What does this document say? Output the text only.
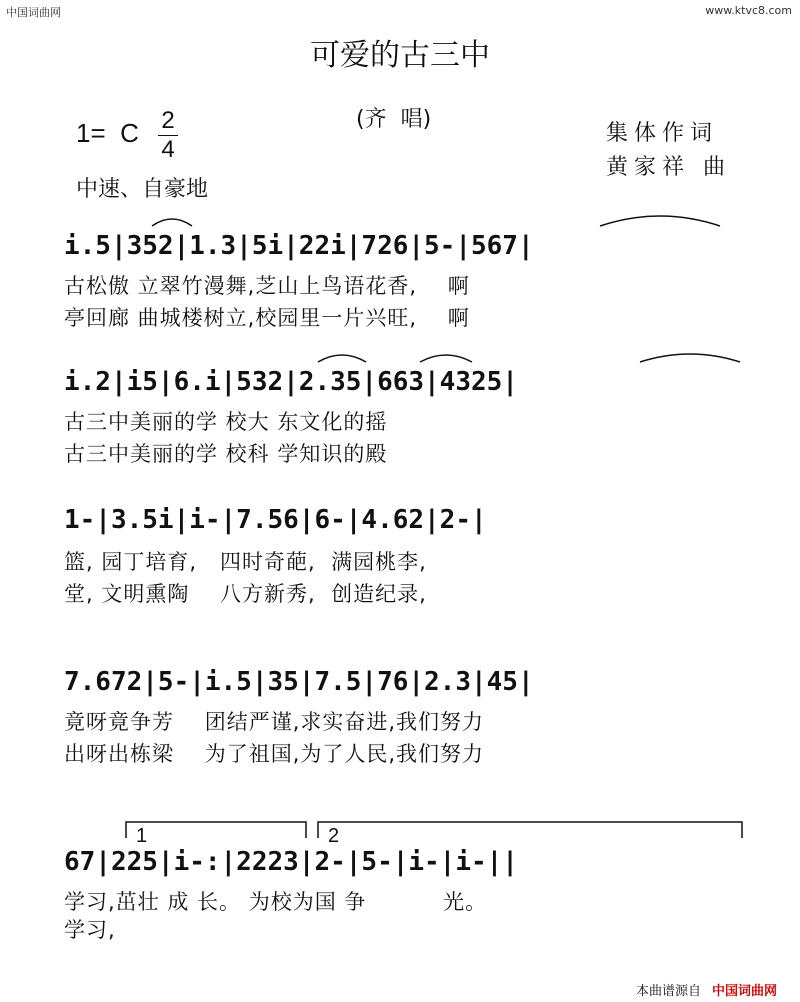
中国词曲网	www.ktvc8.com
可爱的古三中
1=  C 2
4
(齐  唱)
集体作词
黄家祥 曲
中速、自豪地
i.5|352|1.3|5i|22i|726|5-|567|
i.2|i5|6.i|532|2.35|663|4325|
1-|3.5i|i-|7.56|6-|4.62|2-|
7.672|5-|i.5|35|7.5|76|2.3|45|
67|225|i-:|2223|2-|5-|i-|i-||
1	2
古松傲 立翠竹漫舞,芝山上鸟语花香,    啊
亭回廊 曲城楼树立,校园里一片兴旺,    啊
古三中美丽的学 校大 东文化的摇
古三中美丽的学 校科 学知识的殿
篮, 园丁培育,   四时奇葩,  满园桃李,
堂, 文明熏陶    八方新秀,  创造纪录,
竟呀竟争芳    团结严谨,求实奋进,我们努力
出呀出栋梁    为了祖国,为了人民,我们努力
学习,茁壮 成 长。 为校为国 争          光。
学习,
本曲谱源自 中国词曲网
